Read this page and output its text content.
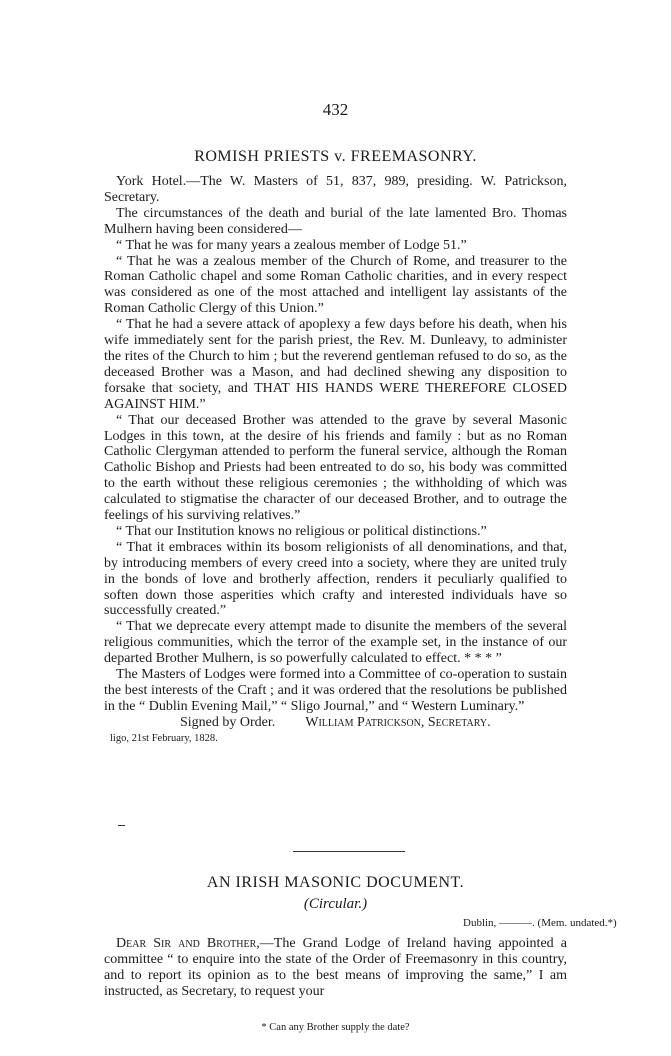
432
ROMISH PRIESTS v. FREEMASONRY.

York Hotel.—The W. Masters of 51, 837, 989, presiding. W. Patrickson, Secretary.

The circumstances of the death and burial of the late lamented Bro. Thomas Mulhern having been considered—

“ That he was for many years a zealous member of Lodge 51.”

“ That he was a zealous member of the Church of Rome, and treasurer to the Roman Catholic chapel and some Roman Catholic charities, and in every respect was considered as one of the most attached and intelligent lay assistants of the Roman Catholic Clergy of this Union.”

“ That he had a severe attack of apoplexy a few days before his death, when his wife immediately sent for the parish priest, the Rev. M. Dunleavy, to administer the rites of the Church to him ; but the reverend gentleman refused to do so, as the deceased Brother was a Mason, and had declined shewing any disposition to forsake that society, and THAT HIS HANDS WERE THEREFORE CLOSED AGAINST HIM.”

“ That our deceased Brother was attended to the grave by several Masonic Lodges in this town, at the desire of his friends and family : but as no Roman Catholic Clergyman attended to perform the funeral service, although the Roman Catholic Bishop and Priests had been entreated to do so, his body was committed to the earth without these religious ceremonies ; the withholding of which was calculated to stigmatise the character of our deceased Brother, and to outrage the feelings of his surviving relatives.”

“ That our Institution knows no religious or political distinctions.”

“ That it embraces within its bosom religionists of all denominations, and that, by introducing members of every creed into a society, where they are united truly in the bonds of love and brotherly affection, renders it peculiarly qualified to soften down those asperities which crafty and interested individuals have so successfully created.”

“ That we deprecate every attempt made to disunite the members of the several religious communities, which the terror of the example set, in the instance of our departed Brother Mulhern, is so powerfully calculated to effect. * * * ”

The Masters of Lodges were formed into a Committee of co-operation to sustain the best interests of the Craft ; and it was ordered that the resolutions be published in the “ Dublin Evening Mail,” “ Sligo Journal,” and “ Western Luminary.”

Signed by Order. William Patrickson, Secretary.

ligo, 21st February, 1828.

AN IRISH MASONIC DOCUMENT.
(Circular.)
Dublin, ———. (Mem. undated.*)

Dear Sir and Brother,—The Grand Lodge of Ireland having appointed a committee “ to enquire into the state of the Order of Freemasonry in this country, and to report its opinion as to the best means of improving the same,” I am instructed, as Secretary, to request your

* Can any Brother supply the date?
